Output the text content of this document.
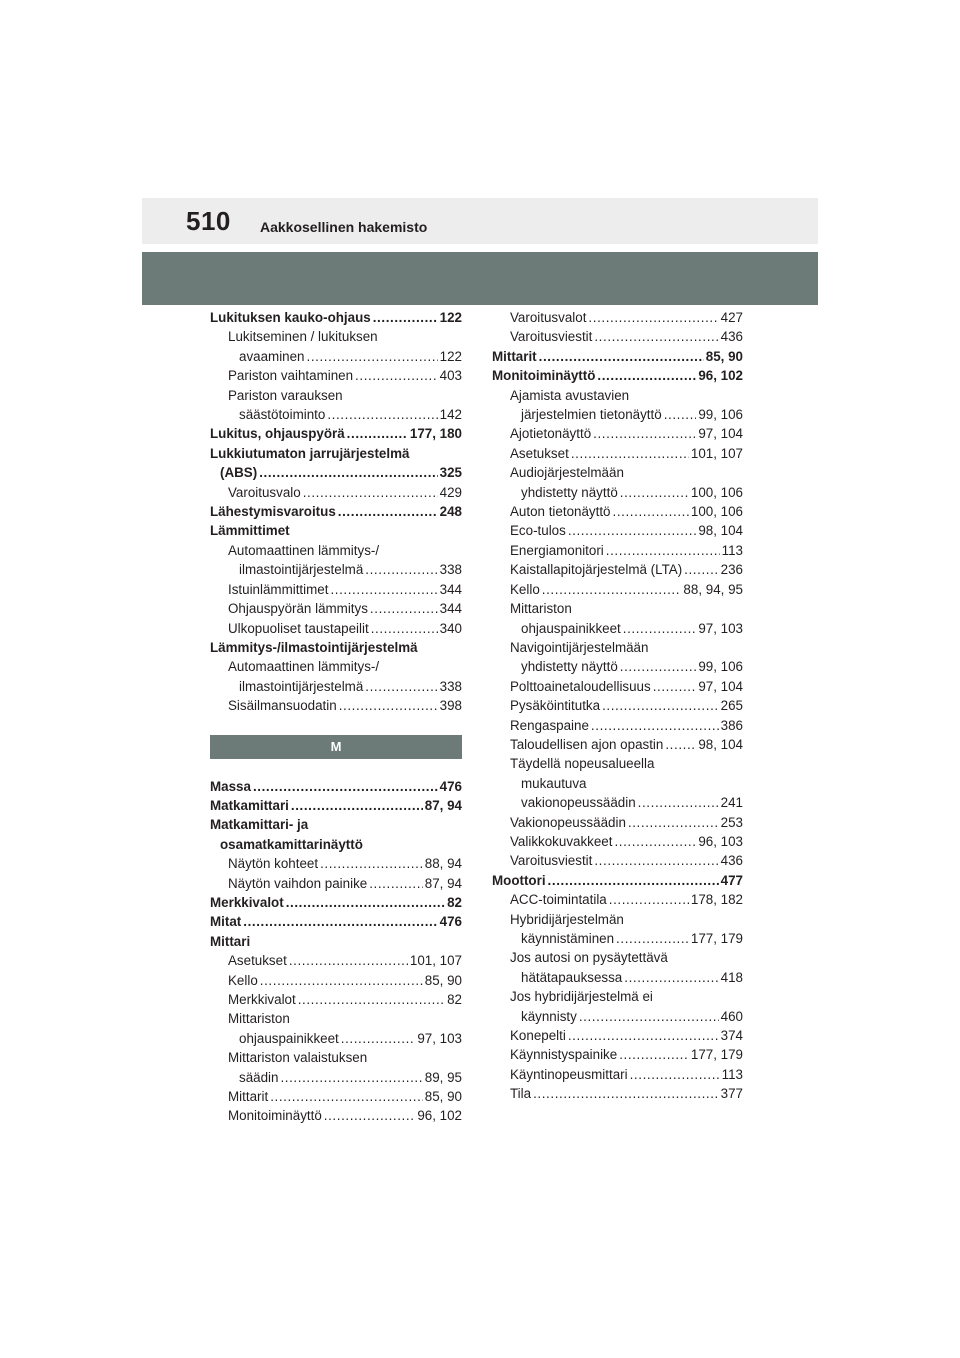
510 Aakkosellinen hakemisto
Lukituksen kauko-ohjaus .....	122
Lukitseminen / lukituksen
avaaminen .....	122
Pariston vaihtaminen .....	403
Pariston varauksen
säästötoiminto .....	142
Lukitus, ohjauspyörä .....	177, 180
Lukkiutumaton jarrujärjestelmä
(ABS) .....	325
Varoitusvalo .....	429
Lähestymisvaroitus .....	248
Lämmittimet
Automaattinen lämmitys-/
ilmastointijärjestelmä .....	338
Istuinlämmittimet .....	344
Ohjauspyörän lämmitys .....	344
Ulkopuoliset taustapeilit .....	340
Lämmitys-/ilmastointijärjestelmä
Automaattinen lämmitys-/
ilmastointijärjestelmä .....	338
Sisäilmansuodatin .....	398
M
Massa .....	476
Matkamittari .....	87, 94
Matkamittari- ja
osamatkamittarinäyttö
Näytön kohteet .....	88, 94
Näytön vaihdon painike .....	87, 94
Merkkivalot .....	82
Mitat .....	476
Mittari
Asetukset .....	101, 107
Kello .....	85, 90
Merkkivalot .....	82
Mittariston
ohjauspainikkeet .....	97, 103
Mittariston valaistuksen
säädin .....	89, 95
Mittarit .....	85, 90
Monitoiminäyttö .....	96, 102
Varoitusvalot .....	427
Varoitusviestit .....	436
Mittarit .....	85, 90
Monitoiminäyttö .....	96, 102
Ajamista avustavien
järjestelmien tietonäyttö .....	99, 106
Ajotietonäyttö .....	97, 104
Asetukset .....	101, 107
Audiojärjestelmään
yhdistetty näyttö .....	100, 106
Auton tietonäyttö .....	100, 106
Eco-tulos .....	98, 104
Energiamonitori .....	113
Kaistallapitojärjestelmä (LTA) .....	236
Kello .....	88, 94, 95
Mittariston
ohjauspainikkeet .....	97, 103
Navigointijärjestelmään
yhdistetty näyttö .....	99, 106
Polttoainetaloudellisuus .....	97, 104
Pysäköintitutka .....	265
Rengaspaine .....	386
Taloudellisen ajon opastin .....	98, 104
Täydellä nopeusalueella
mukautuva
vakionopeussäädin .....	241
Vakionopeussäädin .....	253
Valikkokuvakkeet .....	96, 103
Varoitusviestit .....	436
Moottori .....	477
ACC-toimintatila .....	178, 182
Hybridijärjestelmän
käynnistäminen .....	177, 179
Jos autosi on pysäytettävä
hätätapauksessa .....	418
Jos hybridijärjestelmä ei
käynnisty .....	460
Konepelti .....	374
Käynnistyspainike .....	177, 179
Käyntinopeusmittari .....	113
Tila .....	377
